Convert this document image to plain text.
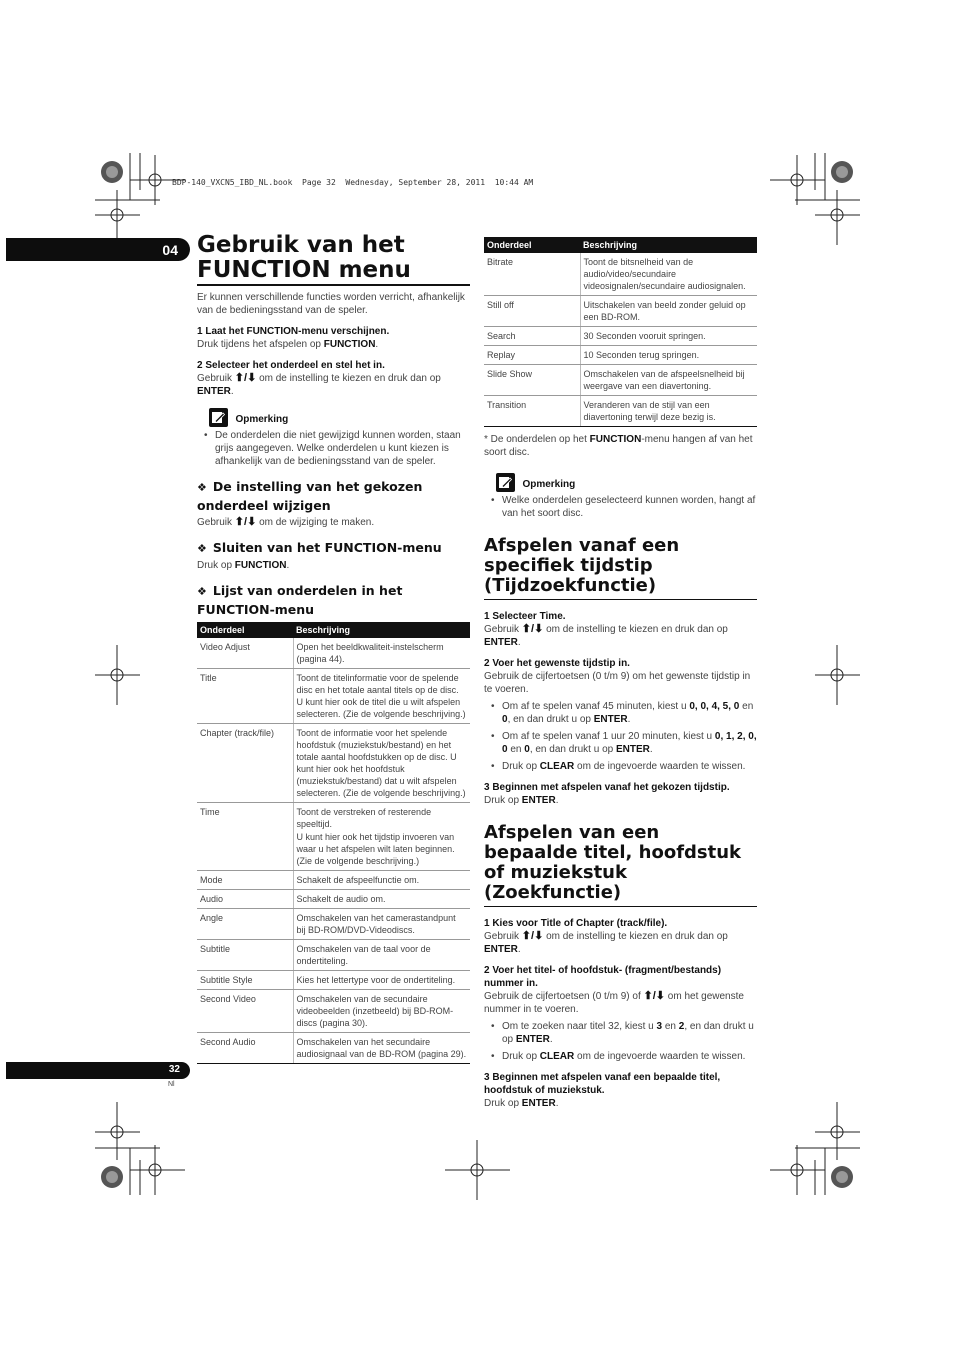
BDP-140_VXCN5_IBD_NL.book  Page 32  Wednesday, September 28, 2011  10:44 AM
04
32
Nl
Gebruik van het
FUNCTION menu
Er kunnen verschillende functies worden verricht, afhankelijk van de bedieningsstand van de speler.
1 Laat het FUNCTION-menu verschijnen.
Druk tijdens het afspelen op FUNCTION.
2 Selecteer het onderdeel en stel het in.
Gebruik ⬆/⬇ om de instelling te kiezen en druk dan op ENTER.
Opmerking
• De onderdelen die niet gewijzigd kunnen worden, staan grijs aangegeven. Welke onderdelen u kunt kiezen is afhankelijk van de bedieningsstand van de speler.
❖ De instelling van het gekozen onderdeel wijzigen
Gebruik ⬆/⬇ om de wijziging te maken.
❖ Sluiten van het FUNCTION-menu
Druk op FUNCTION.
❖ Lijst van onderdelen in het FUNCTION-menu
Onderdeel	Beschrijving
Video Adjust	Open het beeldkwaliteit-instelscherm (pagina 44).

Title	Toont de titelinformatie voor de spelende disc en het totale aantal titels op de disc. U kunt hier ook de titel die u wilt afspelen selecteren. (Zie de volgende beschrijving.)

Chapter (track/file)	Toont de informatie voor het spelende hoofdstuk (muziekstuk/bestand) en het totale aantal hoofdstukken op de disc. U kunt hier ook het hoofdstuk (muziekstuk/bestand) dat u wilt afspelen selecteren. (Zie de volgende beschrijving.)

Time	Toont de verstreken of resterende speeltijd.
U kunt hier ook het tijdstip invoeren van waar u het afspelen wilt laten beginnen. (Zie de volgende beschrijving.)

Mode	Schakelt de afspeelfunctie om.

Audio	Schakelt de audio om.

Angle	Omschakelen van het camerastandpunt bij BD-ROM/DVD-Videodiscs.

Subtitle	Omschakelen van de taal voor de ondertiteling.

Subtitle Style	Kies het lettertype voor de ondertiteling.

Second Video	Omschakelen van de secundaire videobeelden (inzetbeeld) bij BD-ROM-discs (pagina 30).

Second Audio	Omschakelen van het secundaire audiosignaal van de BD-ROM (pagina 29).
Onderdeel	Beschrijving
Bitrate	Toont de bitsnelheid van de audio/video/secundaire videosignalen/secundaire audiosignalen.

Still off	Uitschakelen van beeld zonder geluid op een BD-ROM.

Search	30 Seconden vooruit springen.

Replay	10 Seconden terug springen.

Slide Show	Omschakelen van de afspeelsnelheid bij weergave van een diavertoning.

Transition	Veranderen van de stijl van een diavertoning terwijl deze bezig is.
* De onderdelen op het FUNCTION-menu hangen af van het soort disc.
Opmerking
• Welke onderdelen geselecteerd kunnen worden, hangt af van het soort disc.
Afspelen vanaf een specifiek tijdstip (Tijdzoekfunctie)
1 Selecteer Time.
Gebruik ⬆/⬇ om de instelling te kiezen en druk dan op ENTER.
2 Voer het gewenste tijdstip in.
Gebruik de cijfertoetsen (0 t/m 9) om het gewenste tijdstip in te voeren.
• Om af te spelen vanaf 45 minuten, kiest u 0, 0, 4, 5, 0 en 0, en dan drukt u op ENTER.
• Om af te spelen vanaf 1 uur 20 minuten, kiest u 0, 1, 2, 0, 0 en 0, en dan drukt u op ENTER.
• Druk op CLEAR om de ingevoerde waarden te wissen.
3 Beginnen met afspelen vanaf het gekozen tijdstip.
Druk op ENTER.
Afspelen van een bepaalde titel, hoofdstuk of muziekstuk (Zoekfunctie)
1 Kies voor Title of Chapter (track/file).
Gebruik ⬆/⬇ om de instelling te kiezen en druk dan op ENTER.
2 Voer het titel- of hoofdstuk- (fragment/bestands) nummer in.
Gebruik de cijfertoetsen (0 t/m 9) of ⬆/⬇ om het gewenste nummer in te voeren.
• Om te zoeken naar titel 32, kiest u 3 en 2, en dan drukt u op ENTER.
• Druk op CLEAR om de ingevoerde waarden te wissen.
3 Beginnen met afspelen vanaf een bepaalde titel, hoofdstuk of muziekstuk.
Druk op ENTER.
